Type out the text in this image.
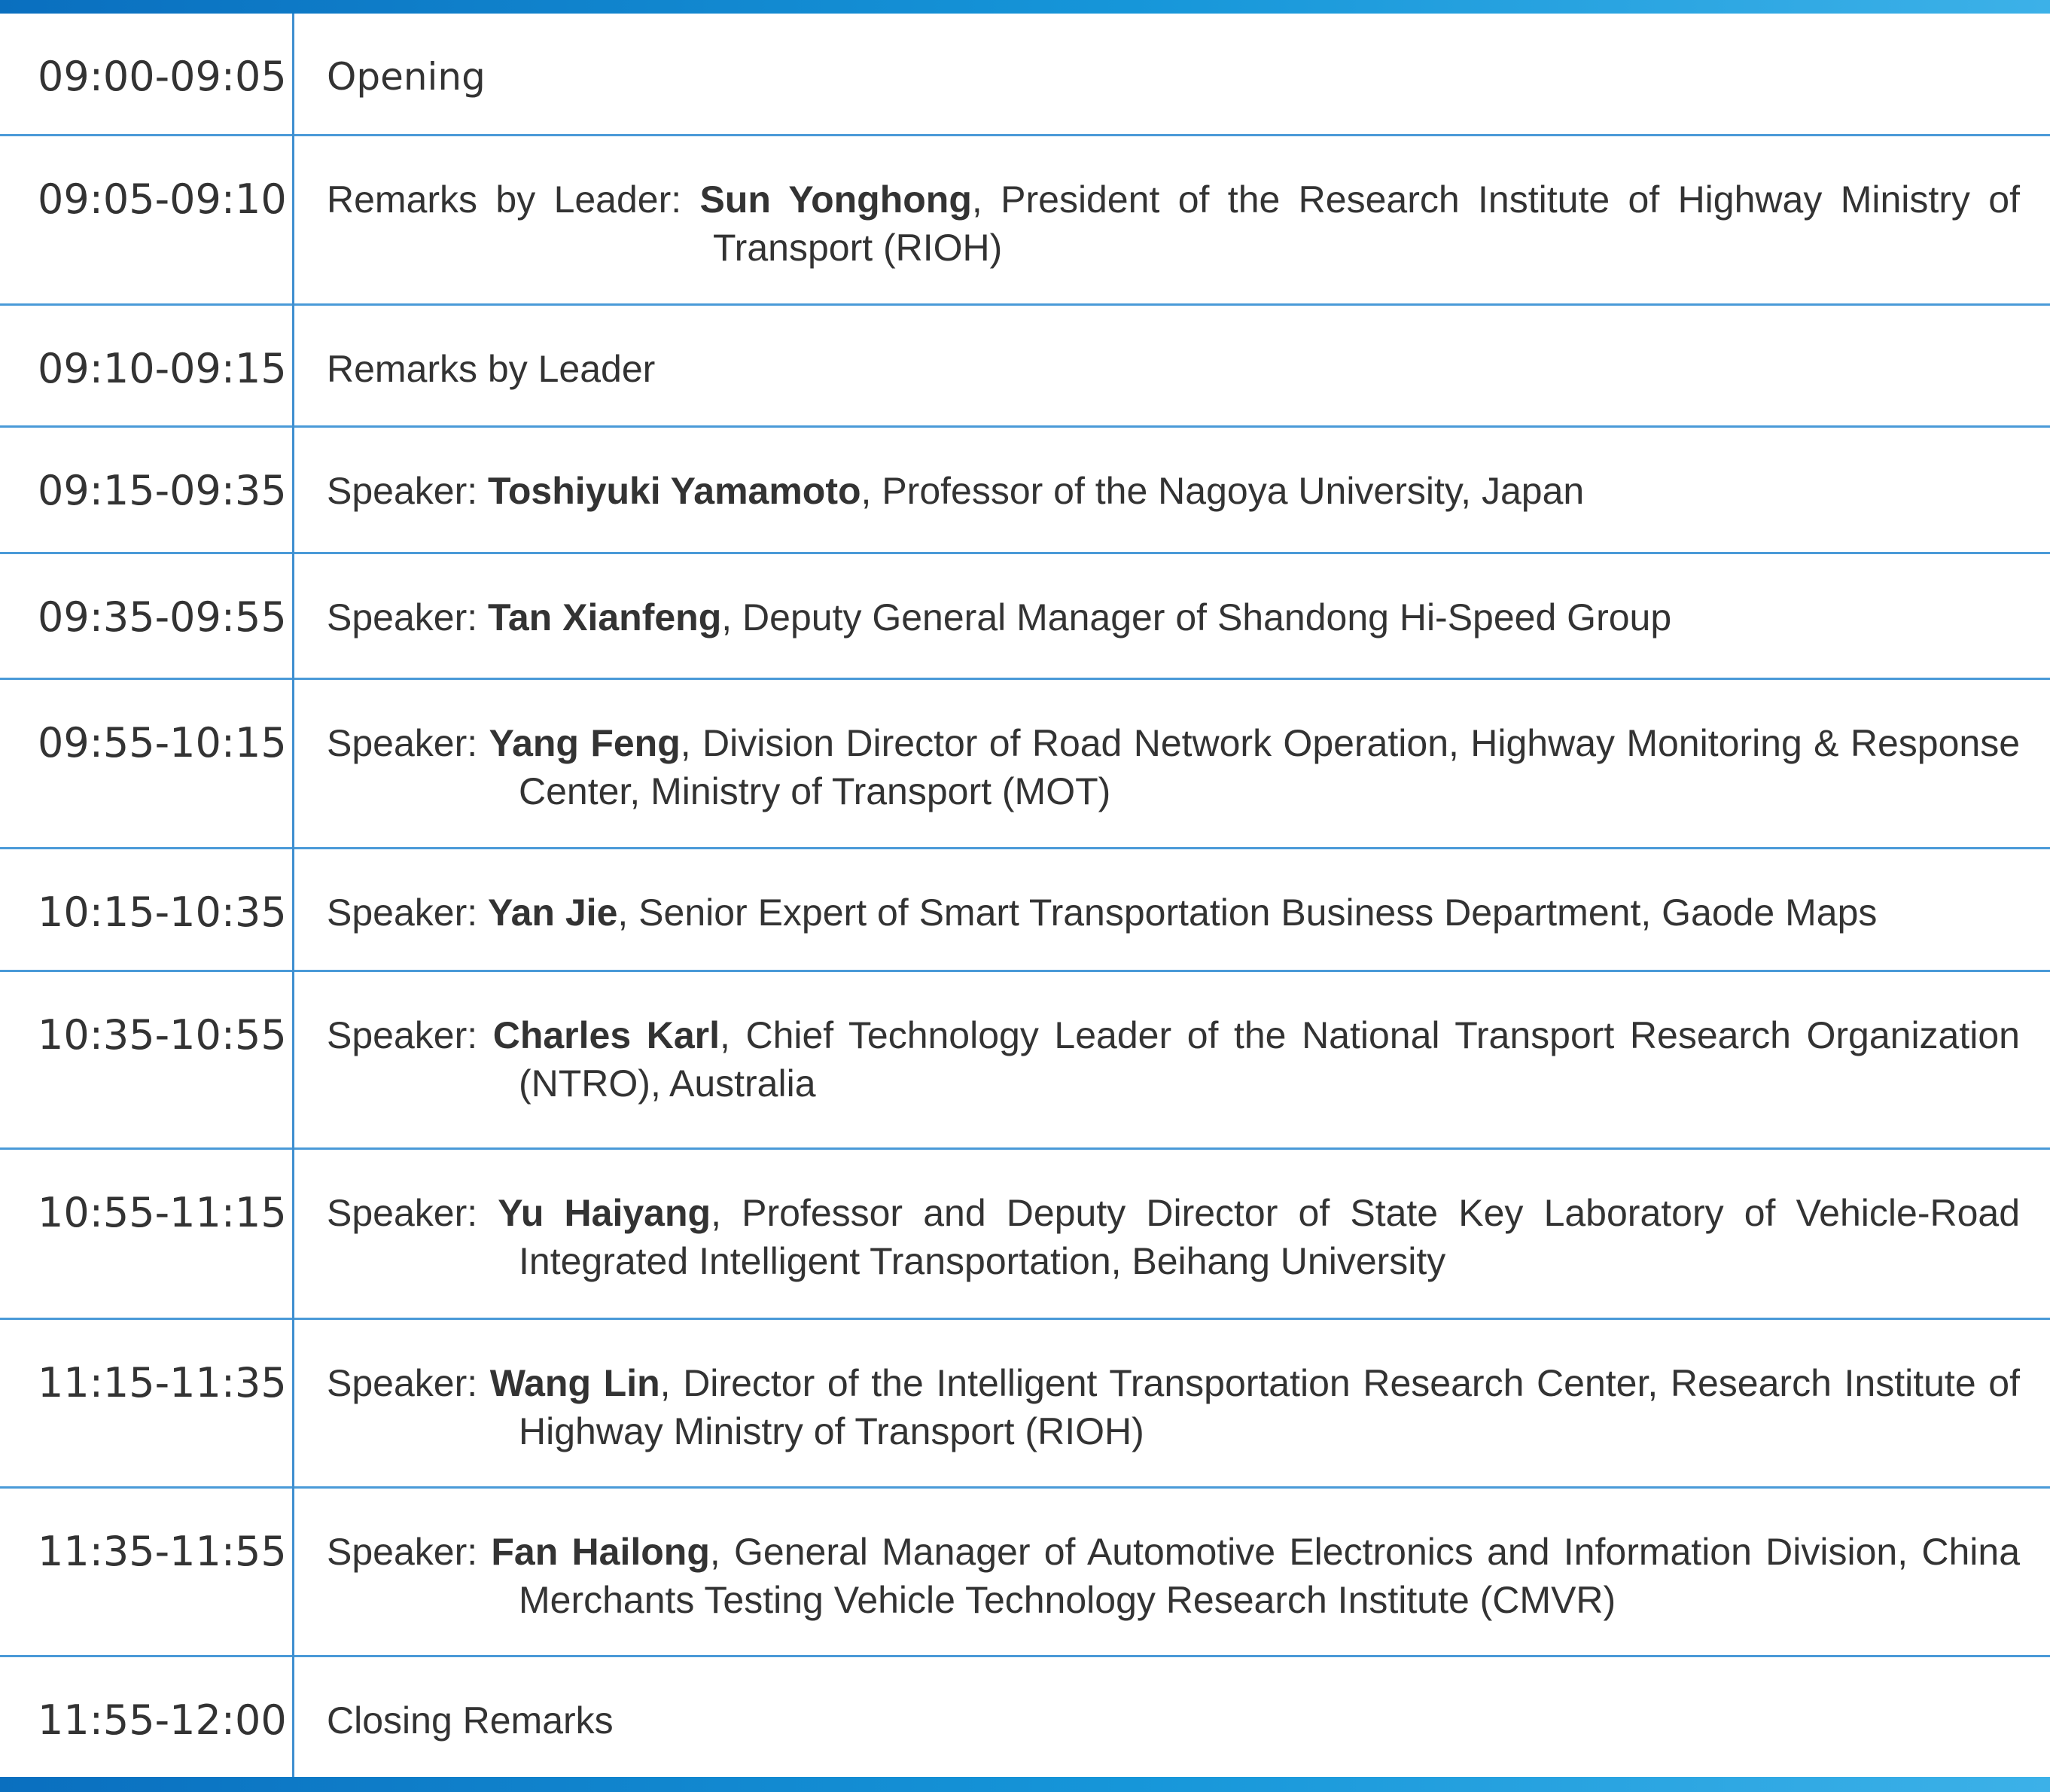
09:00-09:05 Opening
09:05-09:10 Remarks by Leader: Sun Yonghong, President of the Research Institute of Highway Ministry of Transport (RIOH)
09:10-09:15 Remarks by Leader
09:15-09:35 Speaker: Toshiyuki Yamamoto, Professor of the Nagoya University, Japan
09:35-09:55 Speaker: Tan Xianfeng, Deputy General Manager of Shandong Hi-Speed Group
09:55-10:15 Speaker: Yang Feng, Division Director of Road Network Operation, Highway Monitoring & Response Center, Ministry of Transport (MOT)
10:15-10:35 Speaker: Yan Jie, Senior Expert of Smart Transportation Business Department, Gaode Maps
10:35-10:55 Speaker: Charles Karl, Chief Technology Leader of the National Transport Research Organization (NTRO), Australia
10:55-11:15 Speaker: Yu Haiyang, Professor and Deputy Director of State Key Laboratory of Vehicle-Road Integrated Intelligent Transportation, Beihang University
11:15-11:35 Speaker: Wang Lin, Director of the Intelligent Transportation Research Center, Research Institute of Highway Ministry of Transport (RIOH)
11:35-11:55 Speaker: Fan Hailong, General Manager of Automotive Electronics and Information Division, China Merchants Testing Vehicle Technology Research Institute (CMVR)
11:55-12:00 Closing Remarks
